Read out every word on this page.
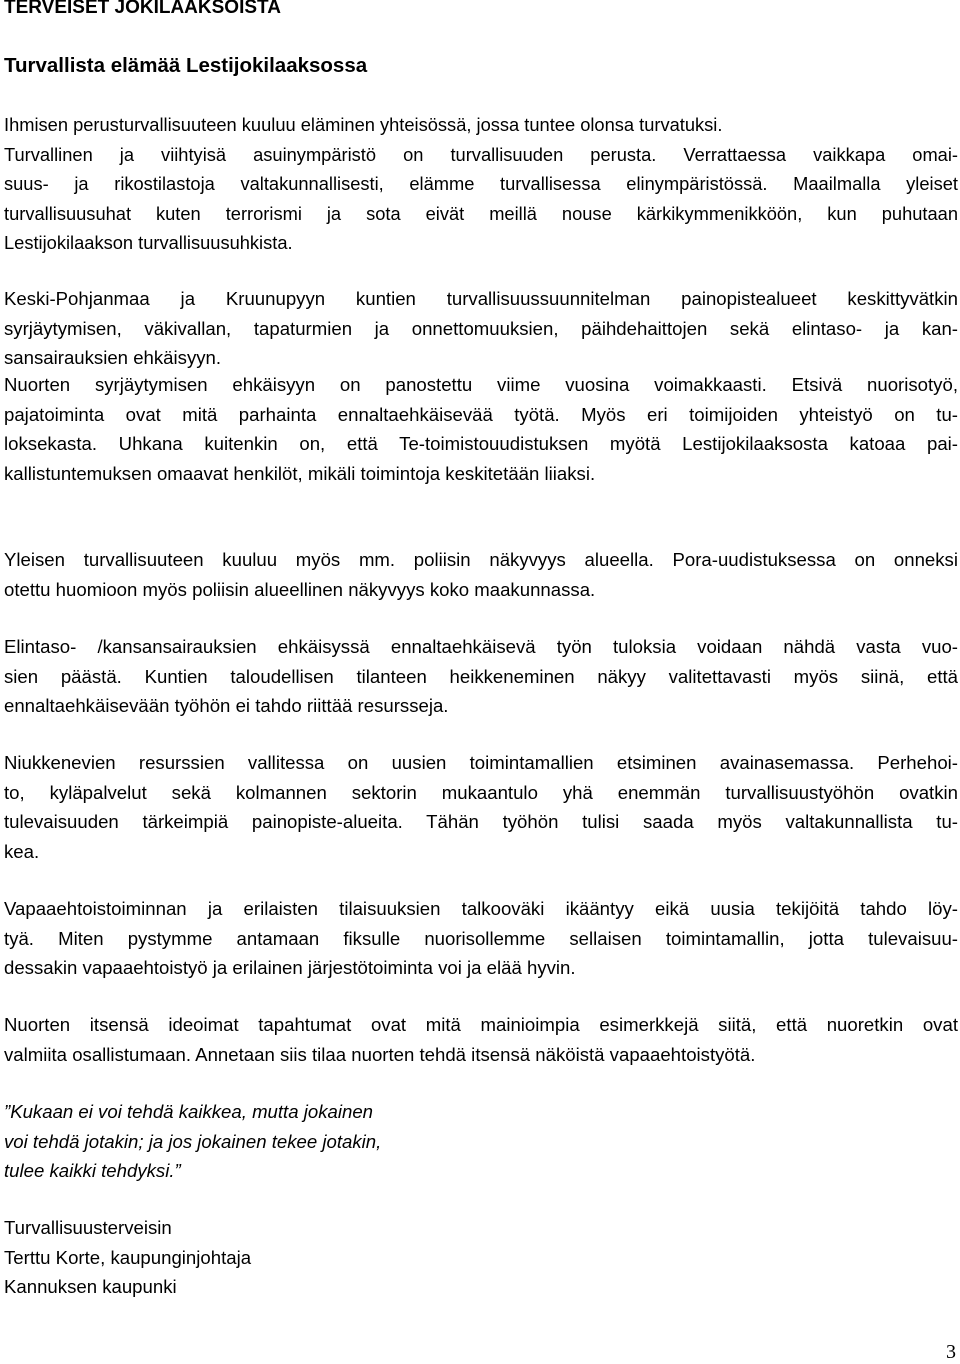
TERVEISET JOKILAAKSOISTA
Turvallista elämää Lestijokilaaksossa
Ihmisen perusturvallisuuteen kuuluu eläminen yhteisössä, jossa tuntee olonsa turvatuksi.
Turvallinen ja viihtyisä asuinympäristö on turvallisuuden perusta. Verrattaessa vaikkapa omai-
suus- ja rikostilastoja valtakunnallisesti, elämme turvallisessa elinympäristössä. Maailmalla yleiset
turvallisuusuhat kuten terrorismi ja sota eivät meillä nouse kärkikymmenikköön, kun puhutaan
Lestijokilaakson turvallisuusuhkista.
Keski-Pohjanmaa ja Kruunupyyn kuntien turvallisuussuunnitelman painopistealueet keskittyvätkin
syrjäytymisen, väkivallan, tapaturmien ja onnettomuuksien, päihdehaittojen sekä elintaso- ja kan-
sansairauksien ehkäisyyn.
Nuorten syrjäytymisen ehkäisyyn on panostettu viime vuosina voimakkaasti. Etsivä nuorisotyö,
pajatoiminta ovat mitä parhainta ennaltaehkäisevää työtä. Myös eri toimijoiden yhteistyö on tu-
loksekasta. Uhkana kuitenkin on, että Te-toimistouudistuksen myötä Lestijokilaaksosta katoaa pai-
kallistuntemuksen omaavat henkilöt, mikäli toimintoja keskitetään liiaksi.
Yleisen turvallisuuteen kuuluu myös mm. poliisin näkyvyys alueella. Pora-uudistuksessa on onneksi
otettu huomioon myös poliisin alueellinen näkyvyys koko maakunnassa.
Elintaso- /kansansairauksien ehkäisyssä ennaltaehkäisevä työn tuloksia voidaan nähdä vasta vuo-
sien päästä. Kuntien taloudellisen tilanteen heikkeneminen näkyy valitettavasti myös siinä, että
ennaltaehkäisevään työhön ei tahdo riittää resursseja.
Niukkenevien resurssien vallitessa on uusien toimintamallien etsiminen avainasemassa. Perhehoi-
to, kyläpalvelut sekä kolmannen sektorin mukaantulo yhä enemmän turvallisuustyöhön ovatkin
tulevaisuuden tärkeimpiä painopiste-alueita. Tähän työhön tulisi saada myös valtakunnallista tu-
kea.
Vapaaehtoistoiminnan ja erilaisten tilaisuuksien talkooväki ikääntyy eikä uusia tekijöitä tahdo löy-
tyä. Miten pystymme antamaan fiksulle nuorisollemme sellaisen toimintamallin, jotta tulevaisuu-
dessakin vapaaehtoistyö ja erilainen järjestötoiminta voi ja elää hyvin.
Nuorten itsensä ideoimat tapahtumat ovat mitä mainioimpia esimerkkejä siitä, että nuoretkin ovat
valmiita osallistumaan. Annetaan siis tilaa nuorten tehdä itsensä näköistä vapaaehtoistyötä.
”Kukaan ei voi tehdä kaikkea, mutta jokainen
voi tehdä jotakin; ja jos jokainen tekee jotakin,
tulee kaikki tehdyksi.”
Turvallisuusterveisin
Terttu Korte, kaupunginjohtaja
Kannuksen kaupunki
3
